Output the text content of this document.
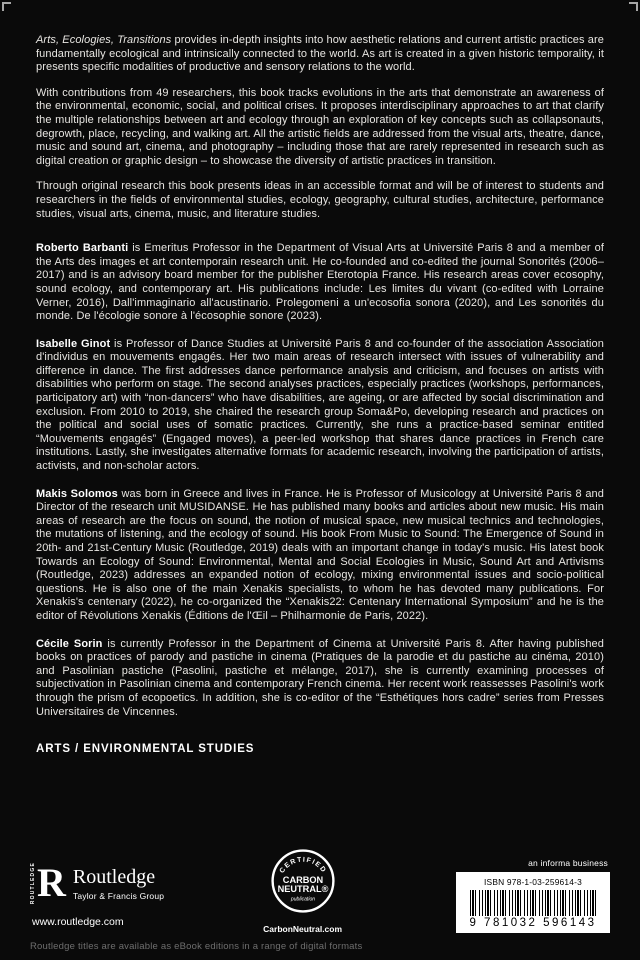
Arts, Ecologies, Transitions provides in-depth insights into how aesthetic relations and current artistic practices are fundamentally ecological and intrinsically connected to the world. As art is created in a given historic temporality, it presents specific modalities of productive and sensory relations to the world.

With contributions from 49 researchers, this book tracks evolutions in the arts that demonstrate an awareness of the environmental, economic, social, and political crises. It proposes interdisciplinary approaches to art that clarify the multiple relationships between art and ecology through an exploration of key concepts such as collapsonauts, degrowth, place, recycling, and walking art. All the artistic fields are addressed from the visual arts, theatre, dance, music and sound art, cinema, and photography – including those that are rarely represented in research such as digital creation or graphic design – to showcase the diversity of artistic practices in transition.

Through original research this book presents ideas in an accessible format and will be of interest to students and researchers in the fields of environmental studies, ecology, geography, cultural studies, architecture, performance studies, visual arts, cinema, music, and literature studies.

Roberto Barbanti is Emeritus Professor in the Department of Visual Arts at Université Paris 8 and a member of the Arts des images et art contemporain research unit. He co-founded and co-edited the journal Sonorités (2006–2017) and is an advisory board member for the publisher Eterotopia France. His research areas cover ecosophy, sound ecology, and contemporary art. His publications include: Les limites du vivant (co-edited with Lorraine Verner, 2016), Dall'immaginario all'acustinario. Prolegomeni a un'ecosofia sonora (2020), and Les sonorités du monde. De l'écologie sonore à l'écosophie sonore (2023).

Isabelle Ginot is Professor of Dance Studies at Université Paris 8 and co-founder of the association Association d'individus en mouvements engagés. Her two main areas of research intersect with issues of vulnerability and difference in dance. The first addresses dance performance analysis and criticism, and focuses on artists with disabilities who perform on stage. The second analyses practices, especially practices (workshops, performances, participatory art) with “non-dancers” who have disabilities, are ageing, or are affected by social discrimination and exclusion. From 2010 to 2019, she chaired the research group Soma&Po, developing research and practices on the political and social uses of somatic practices. Currently, she runs a practice-based seminar entitled “Mouvements engagés” (Engaged moves), a peer-led workshop that shares dance practices in French care institutions. Lastly, she investigates alternative formats for academic research, involving the participation of artists, activists, and non-scholar actors.

Makis Solomos was born in Greece and lives in France. He is Professor of Musicology at Université Paris 8 and Director of the research unit MUSIDANSE. He has published many books and articles about new music. His main areas of research are the focus on sound, the notion of musical space, new musical technics and technologies, the mutations of listening, and the ecology of sound. His book From Music to Sound: The Emergence of Sound in 20th- and 21st-Century Music (Routledge, 2019) deals with an important change in today's music. His latest book Towards an Ecology of Sound: Environmental, Mental and Social Ecologies in Music, Sound Art and Artivisms (Routledge, 2023) addresses an expanded notion of ecology, mixing environmental issues and socio-political questions. He is also one of the main Xenakis specialists, to whom he has devoted many publications. For Xenakis's centenary (2022), he co-organized the “Xenakis22: Centenary International Symposium” and he is the editor of Révolutions Xenakis (Éditions de l'Œil – Philharmonie de Paris, 2022).

Cécile Sorin is currently Professor in the Department of Cinema at Université Paris 8. After having published books on practices of parody and pastiche in cinema (Pratiques de la parodie et du pastiche au cinéma, 2010) and Pasolinian pastiche (Pasolini, pastiche et mélange, 2017), she is currently examining processes of subjectivation in Pasolinian cinema and contemporary French cinema. Her recent work reassesses Pasolini's work through the prism of ecopoetics. In addition, she is co-editor of the “Esthétiques hors cadre” series from Presses Universitaires de Vincennes.

ARTS / ENVIRONMENTAL STUDIES
ROUTLEDGE R Routledge
Taylor & Francis Group
www.routledge.com
CERTIFIED
CARBON
NEUTRAL®
publication
CarbonNeutral.com
an informa business
ISBN 978-1-03-259614-3
9 781032 596143
Routledge titles are available as eBook editions in a range of digital formats
